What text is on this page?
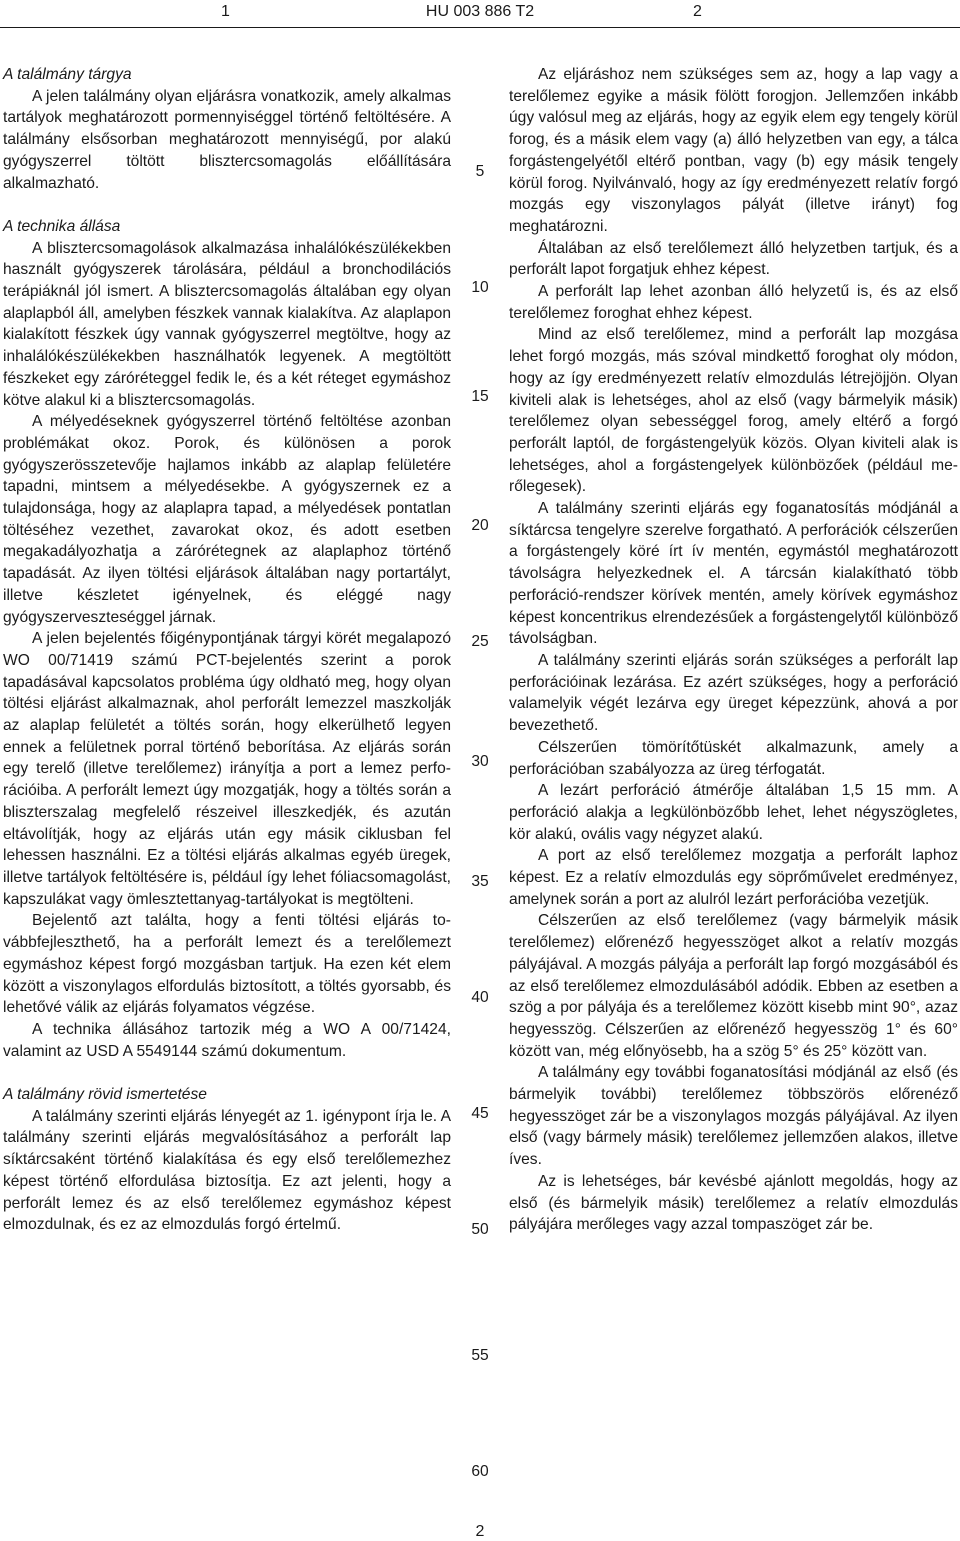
1	HU 003 886 T2	2
A találmány tárgya

A jelen találmány olyan eljárásra vonatkozik, amely alkalmas tartályok meghatározott pormennyiséggel történő feltöltésére. A találmány elsősorban meghatározott mennyiségű, por alakú gyógyszerrel töltött blisztercsomagolás előállítására alkalmazható.

A technika állása

A blisztercsomagolások alkalmazása inhalálókészülékekben használt gyógyszerek tárolására, például a bronchodilációs terápiáknál jól ismert. A blisztercsomagolás általában egy olyan alaplapból áll, amelyben fészkek vannak kialakítva. Az alaplapon kialakított fészkek úgy vannak gyógyszerrel megtöltve, hogy az inhalálókészülékekben használhatók legyenek. A megtöltött fészkeket egy záróréteggel fedik le, és a két réteget egymáshoz kötve alakul ki a blisztercsomagolás.

A mélyedéseknek gyógyszerrel történő feltöltése azonban problémákat okoz. Porok, és különösen a porok gyógyszerösszetevője hajlamos inkább az alaplap felületére tapadni, mintsem a mélyedésekbe. A gyógyszernek ez a tulajdonsága, hogy az alaplapra tapad, a mélyedések pontatlan töltéséhez vezethet, zavarokat okoz, és adott esetben megakadályozhatja a zárórétegnek az alaplaphoz történő tapadását. Az ilyen töltési eljárások általában nagy portartályt, illetve készletet igényelnek, és eléggé nagy gyógyszerveszteséggel járnak.

A jelen bejelentés főigénypontjának tárgyi körét megalapozó WO 00/71419 számú PCT-bejelentés szerint a porok tapadásával kapcsolatos probléma úgy oldható meg, hogy olyan töltési eljárást alkalmaznak, ahol perforált lemezzel maszkolják az alaplap felületét a töltés során, hogy elkerülhető legyen ennek a felületnek porral történő beborítása. Az eljárás során egy terelő (illetve terelőlemez) irányítja a port a lemez perforációiba. A perforált lemezt úgy mozgatják, hogy a töltés során a bliszterszalag megfelelő részeivel illeszkedjék, és azután eltávolítják, hogy az eljárás után egy másik ciklusban fel lehessen használni. Ez a töltési eljárás alkalmas egyéb üregek, illetve tartályok feltöltésére is, például így lehet fóliacsomagolást, kapszulákat vagy ömlesztettanyag-tartályokat is megtölteni.

Bejelentő azt találta, hogy a fenti töltési eljárás továbbfejleszthető, ha a perforált lemezt és a terelőlemezt egymáshoz képest forgó mozgásban tartjuk. Ha ezen két elem között a viszonylagos elfordulás biztosított, a töltés gyorsabb, és lehetővé válik az eljárás folyamatos végzése.

A technika állásához tartozik még a WO A 00/71424, valamint az USD A 5549144 számú dokumentum.

A találmány rövid ismertetése

A találmány szerinti eljárás lényegét az 1. igénypont írja le. A találmány szerinti eljárás megvalósításához a perforált lap síktárcsaként történő kialakítása és egy első terelőlemezhez képest történő elfordulása biztosítja. Ez azt jelenti, hogy a perforált lemez és az első terelőlemez egymáshoz képest elmozdulnak, és ez az elmozdulás forgó értelmű.

Az eljáráshoz nem szükséges sem az, hogy a lap vagy a terelőlemez egyike a másik fölött forogjon. Jellemzően inkább úgy valósul meg az eljárás, hogy az egyik elem egy tengely körül forog, és a másik elem vagy (a) álló helyzetben van egy, a tálca forgástengelyétől eltérő pontban, vagy (b) egy másik tengely körül forog. Nyilvánvaló, hogy az így eredményezett relatív forgó mozgás egy viszonylagos pályát (illetve irányt) fog meghatározni.

Általában az első terelőlemezt álló helyzetben tartjuk, és a perforált lapot forgatjuk ehhez képest.

A perforált lap lehet azonban álló helyzetű is, és az első terelőlemez foroghat ehhez képest.

Mind az első terelőlemez, mind a perforált lap mozgása lehet forgó mozgás, más szóval mindkettő foroghat oly módon, hogy az így eredményezett relatív elmozdulás létrejöjjön. Olyan kiviteli alak is lehetséges, ahol az első (vagy bármelyik másik) terelőlemez olyan sebességgel forog, amely eltérő a forgó perforált laptól, de forgástengelyük közös. Olyan kiviteli alak is lehetséges, ahol a forgástengelyek különbözőek (például merőlegesek).

A találmány szerinti eljárás egy foganatosítás módjánál a síktárcsa tengelyre szerelve forgatható. A perforációk célszerűen a forgástengely köré írt ív mentén, egymástól meghatározott távolságra helyezkednek el. A tárcsán kialakítható több perforáció-rendszer körívek mentén, amely körívek egymáshoz képest koncentrikus elrendezésűek a forgástengelytől különböző távolságban.

A találmány szerinti eljárás során szükséges a perforált lap perforációinak lezárása. Ez azért szükséges, hogy a perforáció valamelyik végét lezárva egy üreget képezzünk, ahová a por bevezethető.

Célszerűen tömörítőtüskét alkalmazunk, amely a perforációban szabályozza az üreg térfogatát.

A lezárt perforáció átmérője általában 1,5 15 mm. A perforáció alakja a legkülönbözőbb lehet, lehet négyszögletes, kör alakú, ovális vagy négyzet alakú.

A port az első terelőlemez mozgatja a perforált laphoz képest. Ez a relatív elmozdulás egy söprőművelet eredményez, amelynek során a port az alulról lezárt perforációba vezetjük.

Célszerűen az első terelőlemez (vagy bármelyik másik terelőlemez) előrenéző hegyesszöget alkot a relatív mozgás pályájával. A mozgás pályája a perforált lap forgó mozgásából és az első terelőlemez elmozdulásából adódik. Ebben az esetben a szög a por pályája és a terelőlemez között kisebb mint 90°, azaz hegyesszög. Célszerűen az előrenéző hegyesszög 1° és 60° között van, még előnyösebb, ha a szög 5° és 25° között van.

A találmány egy további foganatosítási módjánál az első (és bármelyik további) terelőlemez többszörös előrenéző hegyesszöget zár be a viszonylagos mozgás pályájával. Az ilyen első (vagy bármely másik) terelőlemez jellemzően alakos, illetve íves.

Az is lehetséges, bár kevésbé ajánlott megoldás, hogy az első (és bármelyik másik) terelőlemez a relatív elmozdulás pályájára merőleges vagy azzal tompaszöget zár be.

5
10
15
20
25
30
35
40
45
50
55
60
2
